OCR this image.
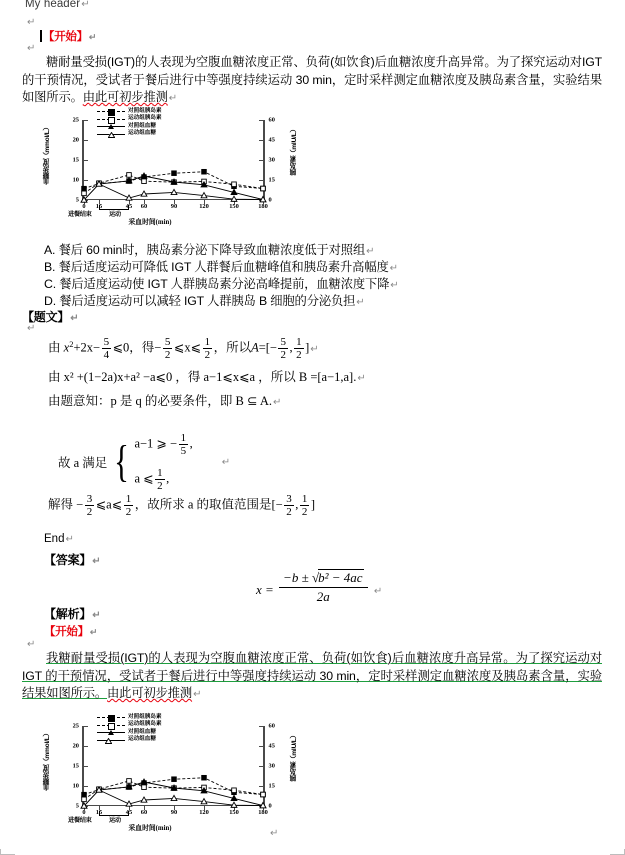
My header↵
↵
【开始】↵
↵
糖耐量受损(IGT)的人表现为空腹血糖浓度正常、负荷(如饮食)后血糖浓度升高异常。为了探究运动对IGT 的干预情况，受试者于餐后进行中等强度持续运动 30 min，定时采样测定血糖浓度及胰岛素含量，实验结果如图所示。由此可初步推测↵
对照组胰岛素
运动组胰岛素
对照组血糖
运动组血糖
血糖浓度（mmol/L）	胰岛素（mIU/L）
采血时间(min)
进餐结束	运动
5
10
15
20
25
0
15
30
45
60
0 15	45 60	90	120	150	180
A. 餐后 60 min时，胰岛素分泌下降导致血糖浓度低于对照组↵
B. 餐后适度运动可降低 IGT 人群餐后血糖峰值和胰岛素升高幅度↵
C. 餐后适度运动使 IGT 人群胰岛素分泌高峰提前，血糖浓度下降↵
D. 餐后适度运动可以减轻 IGT 人群胰岛 B 细胞的分泌负担↵
【题文】↵
↵
由 $x^2+2x- \frac{5}{4}$ ⩽0，得− $\frac{5}{2}$ ⩽x⩽ $\frac{1}{2}$ ，所以$A=[- \frac{5}{2}$ , $\frac{1}{2}$ ]↵
由 x² +(1−2a)x+a² −a⩽0 ，得 a−1⩽x⩽a ，所以 B =[a−1,a].↵
由题意知：p 是 q 的必要条件，即 B ⊆ A.↵
故 a 满足 { a−1 ⩾ − $\frac{1}{5}$ ,
a ⩽ $\frac{1}{2}$ ,
↵
解得 − $\frac{3}{2}$ ⩽a⩽ $\frac{1}{2}$ ，故所求 a 的取值范围是[− $\frac{3}{2}$ , $\frac{1}{2}$ ]
End↵
【答案】↵
$x = \frac{\text{−b ± √b² − 4ac}}{2a}$ ↵
【解析】↵
【开始】↵
↵
我糖耐量受损(IGT)的人表现为空腹血糖浓度正常、负荷(如饮食)后血糖浓度升高异常。为了探究运动对IGT 的干预情况，受试者于餐后进行中等强度持续运动 30 min，定时采样测定血糖浓度及胰岛素含量，实验结果如图所示。由此可初步推测↵
对照组胰岛素
运动组胰岛素
对照组血糖
运动组血糖
血糖浓度（mmol/L）	胰岛素（mIU/L）
采血时间(min)
进餐结束	运动
5
10
15
20
25
0
15
30
45
60
0 15	45 60	90	120	150	180
↵
